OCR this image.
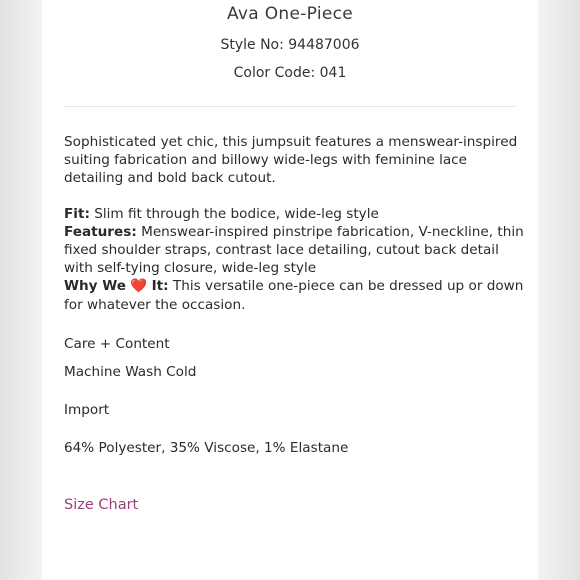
Ava One-Piece
Style No: 94487006
Color Code: 041

Sophisticated yet chic, this jumpsuit features a menswear-inspired suiting fabrication and billowy wide-legs with feminine lace detailing and bold back cutout.

Fit: Slim fit through the bodice, wide-leg style

Features: Menswear-inspired pinstripe fabrication, V-neckline, thin fixed shoulder straps, contrast lace detailing, cutout back detail with self-tying closure, wide-leg style

Why We ❤️ It: This versatile one-piece can be dressed up or down for whatever the occasion.

Care + Content

Machine Wash Cold

Import

64% Polyester, 35% Viscose, 1% Elastane

Size Chart
